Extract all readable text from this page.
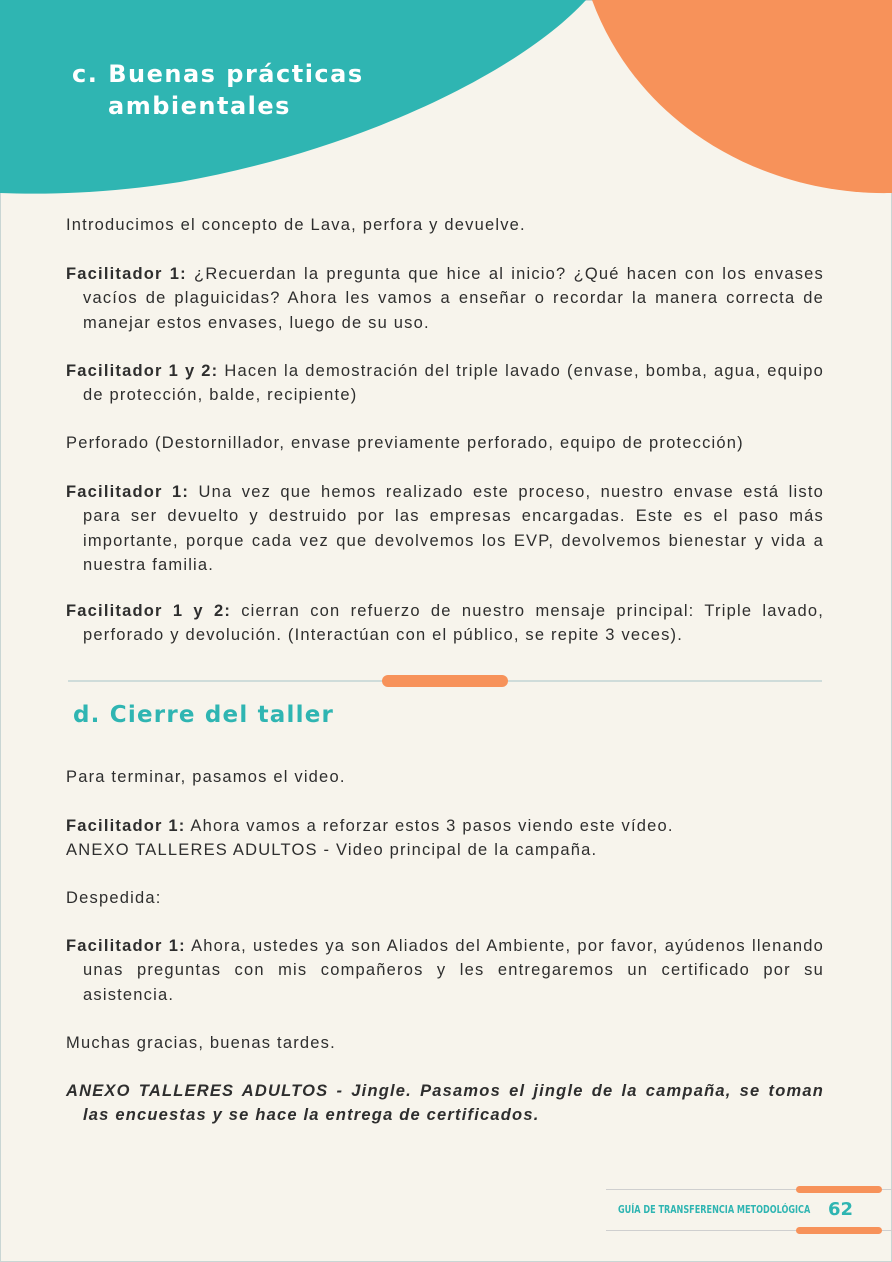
c. Buenas prácticas
ambientales

Introducimos el concepto de Lava, perfora y devuelve.

Facilitador 1: ¿Recuerdan la pregunta que hice al inicio? ¿Qué hacen con los envases vacíos de plaguicidas? Ahora les vamos a enseñar o recordar la manera correcta de manejar estos envases, luego de su uso.

Facilitador 1 y 2: Hacen la demostración del triple lavado (envase, bomba, agua, equipo de protección, balde, recipiente)

Perforado (Destornillador, envase previamente perforado, equipo de protección)

Facilitador 1: Una vez que hemos realizado este proceso, nuestro envase está listo para ser devuelto y destruido por las empresas encargadas. Este es el paso más importante, porque cada vez que devolvemos los EVP, devolvemos bienestar y vida a nuestra familia.

Facilitador 1 y 2: cierran con refuerzo de nuestro mensaje principal: Triple lavado, perforado y devolución. (Interactúan con el público, se repite 3 veces).

d. Cierre del taller

Para terminar, pasamos el video.

Facilitador 1: Ahora vamos a reforzar estos 3 pasos viendo este vídeo.
ANEXO TALLERES ADULTOS - Video principal de la campaña.

Despedida:

Facilitador 1: Ahora, ustedes ya son Aliados del Ambiente, por favor, ayúdenos llenando unas preguntas con mis compañeros y les entregaremos un certificado por su asistencia.

Muchas gracias, buenas tardes.

ANEXO TALLERES ADULTOS - Jingle. Pasamos el jingle de la campaña, se toman las encuestas y se hace la entrega de certificados.

GUÍA DE TRANSFERENCIA METODOLÓGICA 62
